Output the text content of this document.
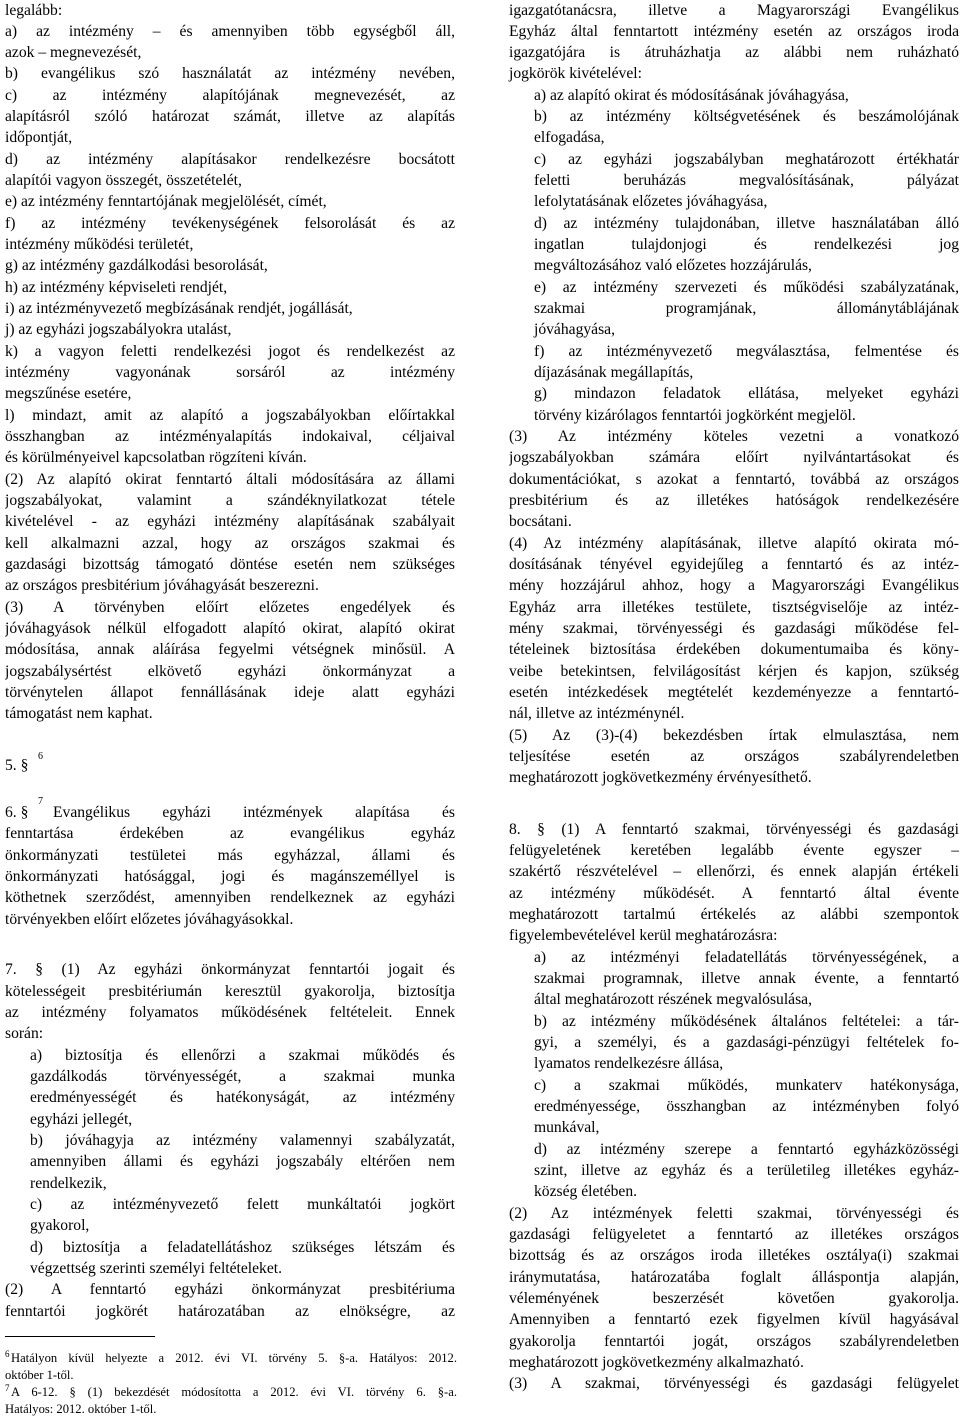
legalább:
a) az intézmény – és amennyiben több egységből áll,
azok – megnevezését,
b) evangélikus szó használatát az intézmény nevében,
c) az intézmény alapítójának megnevezését, az
alapításról szóló határozat számát, illetve az alapítás
időpontját,
d) az intézmény alapításakor rendelkezésre bocsátott
alapítói vagyon összegét, összetételét,
e) az intézmény fenntartójának megjelölését, címét,
f) az intézmény tevékenységének felsorolását és az
intézmény működési területét,
g) az intézmény gazdálkodási besorolását,
h) az intézmény képviseleti rendjét,
i) az intézményvezető megbízásának rendjét, jogállását,
j) az egyházi jogszabályokra utalást,
k) a vagyon feletti rendelkezési jogot és rendelkezést az
intézmény vagyonának sorsáról az intézmény
megszűnése esetére,
l) mindazt, amit az alapító a jogszabályokban előírtakkal
összhangban az intézményalapítás indokaival, céljaival
és körülményeivel kapcsolatban rögzíteni kíván.
(2) Az alapító okirat fenntartó általi módosítására az állami
jogszabályokat, valamint a szándéknyilatkozat tétele
kivételével - az egyházi intézmény alapításának szabályait
kell alkalmazni azzal, hogy az országos szakmai és
gazdasági bizottság támogató döntése esetén nem szükséges
az országos presbitérium jóváhagyását beszerezni.
(3) A törvényben előírt előzetes engedélyek és
jóváhagyások nélkül elfogadott alapító okirat, alapító okirat
módosítása, annak aláírása fegyelmi vétségnek minősül. A
jogszabálysértést elkövető egyházi önkormányzat a
törvénytelen állapot fennállásának ideje alatt egyházi
támogatást nem kaphat.
5. §
6
6. §
7
Evangélikus egyházi intézmények alapítása és
fenntartása érdekében az evangélikus egyház
önkormányzati testületei más egyházzal, állami és
önkormányzati hatósággal, jogi és magánszeméllyel is
köthetnek szerződést, amennyiben rendelkeznek az egyházi
törvényekben előírt előzetes jóváhagyásokkal.
7. § (1) Az egyházi önkormányzat fenntartói jogait és
kötelességeit presbitériumán keresztül gyakorolja, biztosítja
az intézmény folyamatos működésének feltételeit. Ennek
során:
a) biztosítja és ellenőrzi a szakmai működés és
gazdálkodás törvényességét, a szakmai munka
eredményességét és hatékonyságát, az intézmény
egyházi jellegét,
b) jóváhagyja az intézmény valamennyi szabályzatát,
amennyiben állami és egyházi jogszabály eltérően nem
rendelkezik,
c) az intézményvezető felett munkáltatói jogkört
gyakorol,
d) biztosítja a feladatellátáshoz szükséges létszám és
végzettség szerinti személyi feltételeket.
(2) A fenntartó egyházi önkormányzat presbitériuma
fenntartói jogkörét határozatában az elnökségre, az
6 Hatályon kívül helyezte a 2012. évi VI. törvény 5. §-a. Hatályos: 2012.
október 1-től.
7 A 6-12. § (1) bekezdését módosította a 2012. évi VI. törvény 6. §-a.
Hatályos: 2012. október 1-től.
igazgatótanácsra, illetve a Magyarországi Evangélikus
Egyház által fenntartott intézmény esetén az országos iroda
igazgatójára is átruházhatja az alábbi nem ruházható
jogkörök kivételével:
a) az alapító okirat és módosításának jóváhagyása,
b) az intézmény költségvetésének és beszámolójának
elfogadása,
c) az egyházi jogszabályban meghatározott értékhatár
feletti beruházás megvalósításának, pályázat
lefolytatásának előzetes jóváhagyása,
d) az intézmény tulajdonában, illetve használatában álló
ingatlan tulajdonjogi és rendelkezési jog
megváltozásához való előzetes hozzájárulás,
e) az intézmény szervezeti és működési szabályzatának,
szakmai programjának, állománytáblájának
jóváhagyása,
f) az intézményvezető megválasztása, felmentése és
díjazásának megállapítás,
g) mindazon feladatok ellátása, melyeket egyházi
törvény kizárólagos fenntartói jogkörként megjelöl.
(3) Az intézmény köteles vezetni a vonatkozó
jogszabályokban számára előírt nyilvántartásokat és
dokumentációkat, s azokat a fenntartó, továbbá az országos
presbitérium és az illetékes hatóságok rendelkezésére
bocsátani.
(4) Az intézmény alapításának, illetve alapító okirata mó-
dosításának tényével egyidejűleg a fenntartó és az intéz-
mény hozzájárul ahhoz, hogy a Magyarországi Evangélikus
Egyház arra illetékes testülete, tisztségviselője az intéz-
mény szakmai, törvényességi és gazdasági működése fel-
tételeinek biztosítása érdekében dokumentumaiba és köny-
veibe betekintsen, felvilágosítást kérjen és kapjon, szükség
esetén intézkedések megtételét kezdeményezze a fenntartó-
nál, illetve az intézménynél.
(5) Az (3)-(4) bekezdésben írtak elmulasztása, nem
teljesítése esetén az országos szabályrendeletben
meghatározott jogkövetkezmény érvényesíthető.
8. § (1) A fenntartó szakmai, törvényességi és gazdasági
felügyeletének keretében legalább évente egyszer –
szakértő részvételével – ellenőrzi, és ennek alapján értékeli
az intézmény működését. A fenntartó által évente
meghatározott tartalmú értékelés az alábbi szempontok
figyelembevételével kerül meghatározásra:
a) az intézményi feladatellátás törvényességének, a
szakmai programnak, illetve annak évente, a fenntartó
által meghatározott részének megvalósulása,
b) az intézmény működésének általános feltételei: a tár-
gyi, a személyi, és a gazdasági-pénzügyi feltételek fo-
lyamatos rendelkezésre állása,
c) a szakmai működés, munkaterv hatékonysága,
eredményessége, összhangban az intézményben folyó
munkával,
d) az intézmény szerepe a fenntartó egyházközösségi
szint, illetve az egyház és a területileg illetékes egyház-
község életében.
(2) Az intézmények feletti szakmai, törvényességi és
gazdasági felügyeletet a fenntartó az illetékes országos
bizottság és az országos iroda illetékes osztálya(i) szakmai
iránymutatása, határozatába foglalt álláspontja alapján,
véleményének beszerzését követően gyakorolja.
Amennyiben a fenntartó ezek figyelmen kívül hagyásával
gyakorolja fenntartói jogát, országos szabályrendeletben
meghatározott jogkövetkezmény alkalmazható.
(3) A szakmai, törvényességi és gazdasági felügyelet
